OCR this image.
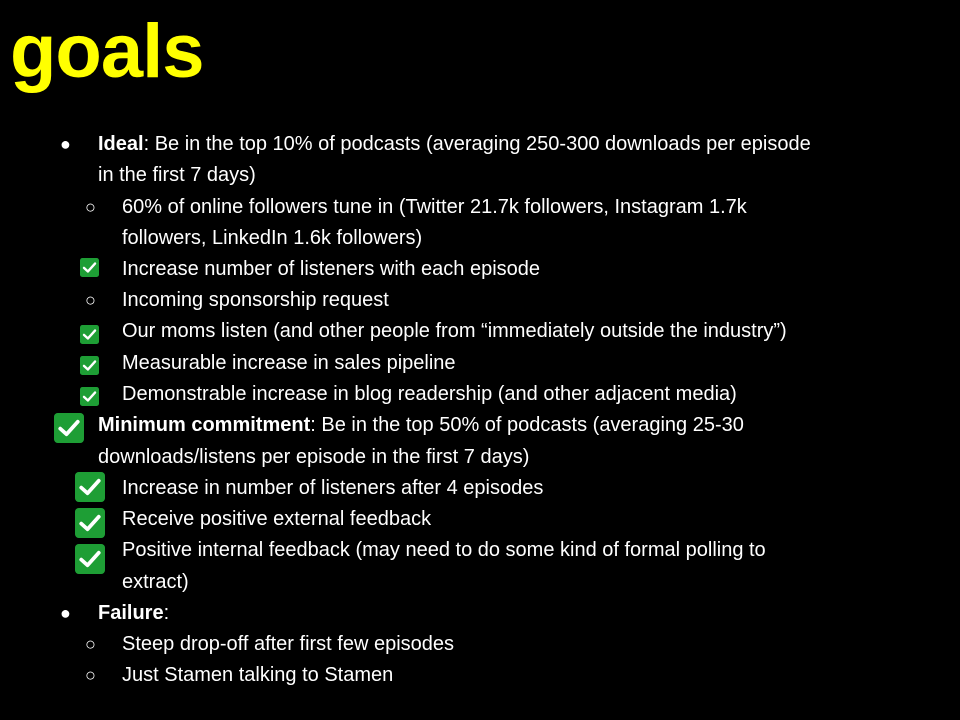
goals
● Ideal: Be in the top 10% of podcasts (averaging 250-300 downloads per episode
in the first 7 days)
○ 60% of online followers tune in (Twitter 21.7k followers, Instagram 1.7k
followers, LinkedIn 1.6k followers)
Increase number of listeners with each episode
○ Incoming sponsorship request
Our moms listen (and other people from “immediately outside the industry”)
Measurable increase in sales pipeline
Demonstrable increase in blog readership (and other adjacent media)
Minimum commitment: Be in the top 50% of podcasts (averaging 25-30
downloads/listens per episode in the first 7 days)
Increase in number of listeners after 4 episodes
Receive positive external feedback
Positive internal feedback (may need to do some kind of formal polling to
extract)
● Failure:
○ Steep drop-off after first few episodes
○ Just Stamen talking to Stamen
